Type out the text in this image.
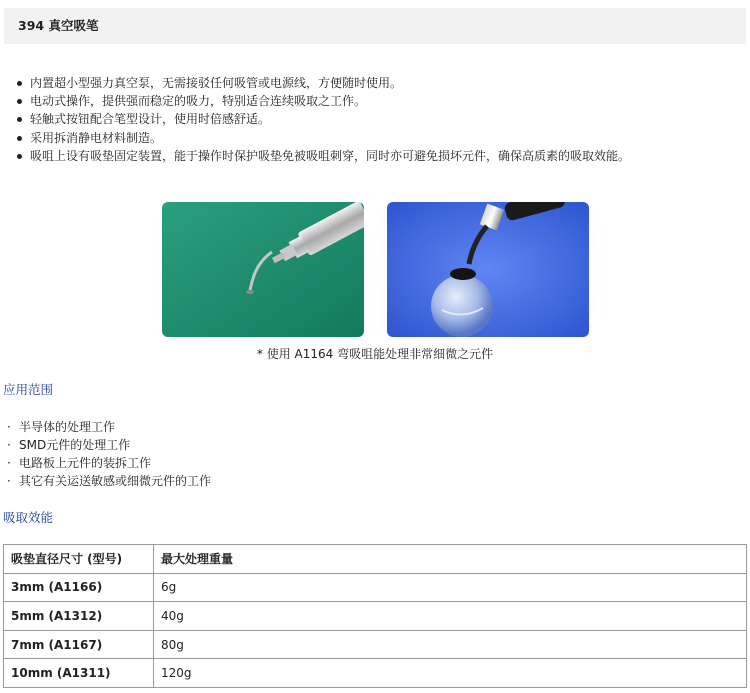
394 真空吸笔
内置超小型强力真空泵，无需接驳任何吸管或电源线，方便随时使用。
电动式操作，提供强而稳定的吸力，特别适合连续吸取之工作。
轻触式按钮配合笔型设计，使用时倍感舒适。
采用拆消静电材料制造。
吸咀上设有吸垫固定装置，能于操作时保护吸垫免被吸咀刺穿，同时亦可避免损坏元件，确保高质素的吸取效能。
* 使用 A1164 弯吸咀能处理非常细微之元件
应用范围
· 半导体的处理工作
· SMD元件的处理工作
· 电路板上元件的装拆工作
· 其它有关运送敏感或细微元件的工作
吸取效能
吸垫直径尺寸 (型号)	最大处理重量
3mm (A1166)	6g
5mm (A1312)	40g
7mm (A1167)	80g
10mm (A1311)	120g
